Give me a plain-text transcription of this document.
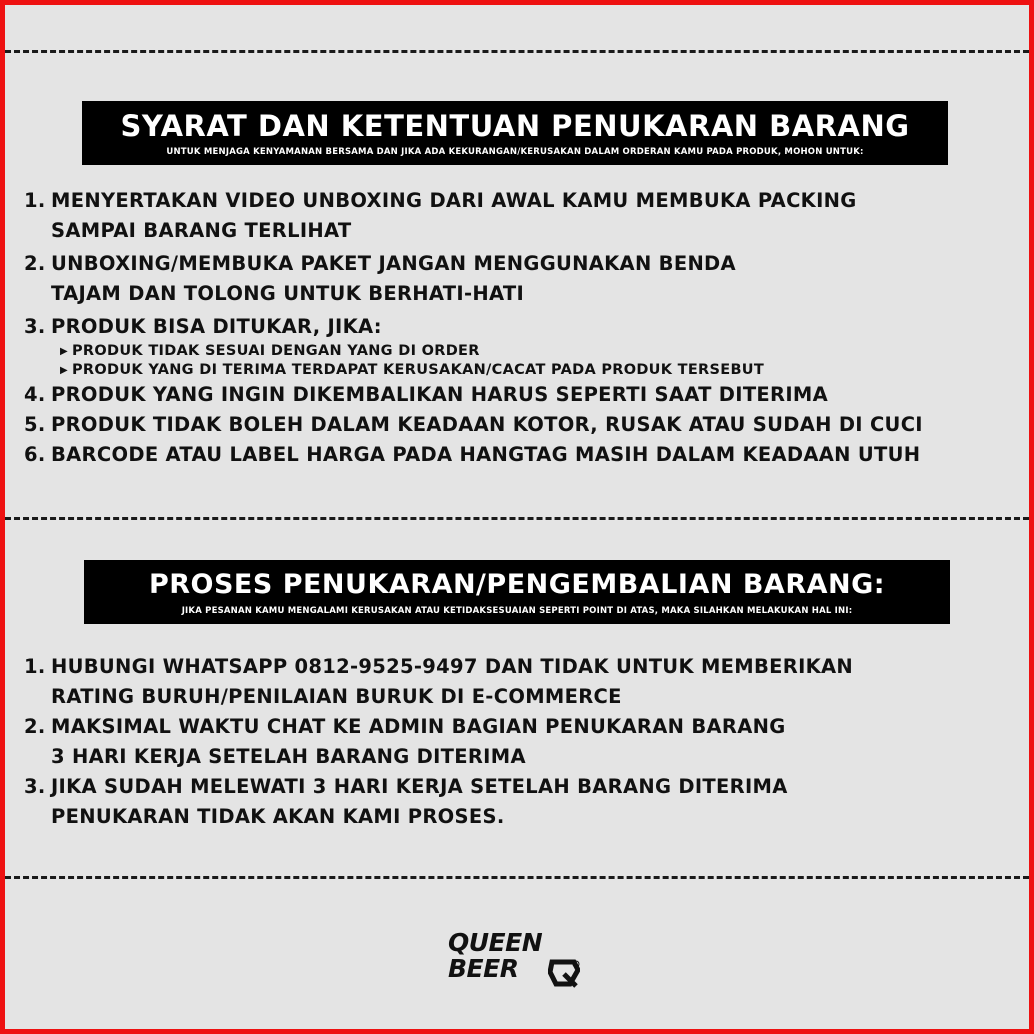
SYARAT DAN KETENTUAN PENUKARAN BARANG
UNTUK MENJAGA KENYAMANAN BERSAMA DAN JIKA ADA KEKURANGAN/KERUSAKAN DALAM ORDERAN KAMU PADA PRODUK, MOHON UNTUK:
1. MENYERTAKAN VIDEO UNBOXING DARI AWAL KAMU MEMBUKA PACKING
SAMPAI BARANG TERLIHAT
2. UNBOXING/MEMBUKA PAKET JANGAN MENGGUNAKAN BENDA
TAJAM DAN TOLONG UNTUK BERHATI-HATI
3. PRODUK BISA DITUKAR, JIKA:
▶ PRODUK TIDAK SESUAI DENGAN YANG DI ORDER
▶ PRODUK YANG DI TERIMA TERDAPAT KERUSAKAN/CACAT PADA PRODUK TERSEBUT
4. PRODUK YANG INGIN DIKEMBALIKAN HARUS SEPERTI SAAT DITERIMA
5. PRODUK TIDAK BOLEH DALAM KEADAAN KOTOR, RUSAK ATAU SUDAH DI CUCI
6. BARCODE ATAU LABEL HARGA PADA HANGTAG MASIH DALAM KEADAAN UTUH
PROSES PENUKARAN/PENGEMBALIAN BARANG:
JIKA PESANAN KAMU MENGALAMI KERUSAKAN ATAU KETIDAKSESUAIAN SEPERTI POINT DI ATAS, MAKA SILAHKAN MELAKUKAN HAL INI:
1. HUBUNGI WHATSAPP 0812-9525-9497 DAN TIDAK UNTUK MEMBERIKAN
RATING BURUH/PENILAIAN BURUK DI E-COMMERCE
2. MAKSIMAL WAKTU CHAT KE ADMIN BAGIAN PENUKARAN BARANG
3 HARI KERJA SETELAH BARANG DITERIMA
3. JIKA SUDAH MELEWATI 3 HARI KERJA SETELAH BARANG DITERIMA
PENUKARAN TIDAK AKAN KAMI PROSES.
QUEEN
BEER
